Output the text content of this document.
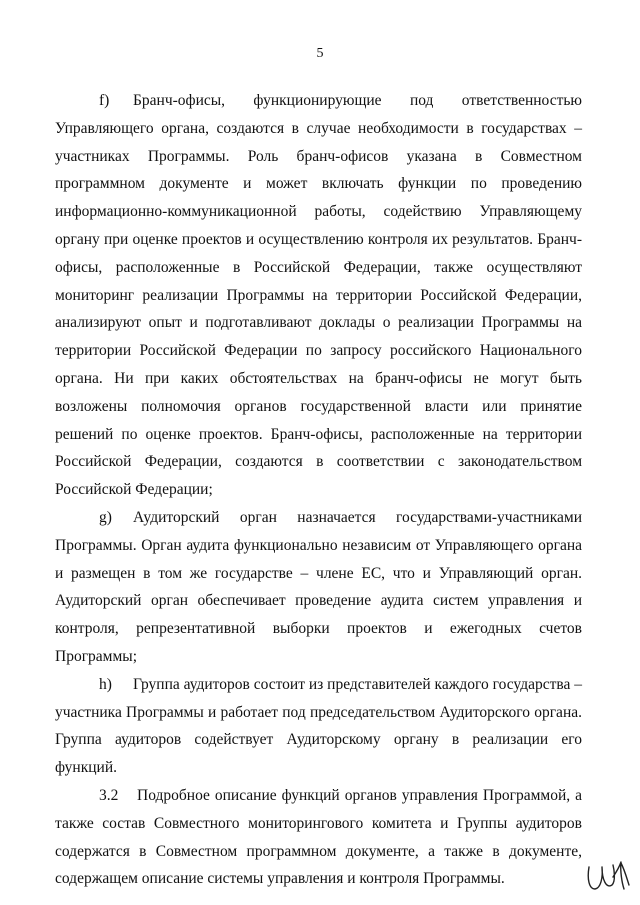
5

f) Бранч-офисы, функционирующие под ответственностью Управляющего органа, создаются в случае необходимости в государствах – участниках Программы. Роль бранч-офисов указана в Совместном программном документе и может включать функции по проведению информационно-коммуникационной работы, содействию Управляющему органу при оценке проектов и осуществлению контроля их результатов. Бранч-офисы, расположенные в Российской Федерации, также осуществляют мониторинг реализации Программы на территории Российской Федерации, анализируют опыт и подготавливают доклады о реализации Программы на территории Российской Федерации по запросу российского Национального органа. Ни при каких обстоятельствах на бранч-офисы не могут быть возложены полномочия органов государственной власти или принятие решений по оценке проектов. Бранч-офисы, расположенные на территории Российской Федерации, создаются в соответствии с законодательством Российской Федерации;

g) Аудиторский орган назначается государствами-участниками Программы. Орган аудита функционально независим от Управляющего органа и размещен в том же государстве – члене ЕС, что и Управляющий орган. Аудиторский орган обеспечивает проведение аудита систем управления и контроля, репрезентативной выборки проектов и ежегодных счетов Программы;

h) Группа аудиторов состоит из представителей каждого государства – участника Программы и работает под председательством Аудиторского органа. Группа аудиторов содействует Аудиторскому органу в реализации его функций.

3.2 Подробное описание функций органов управления Программой, а также состав Совместного мониторингового комитета и Группы аудиторов содержатся в Совместном программном документе, а также в документе, содержащем описание системы управления и контроля Программы.
